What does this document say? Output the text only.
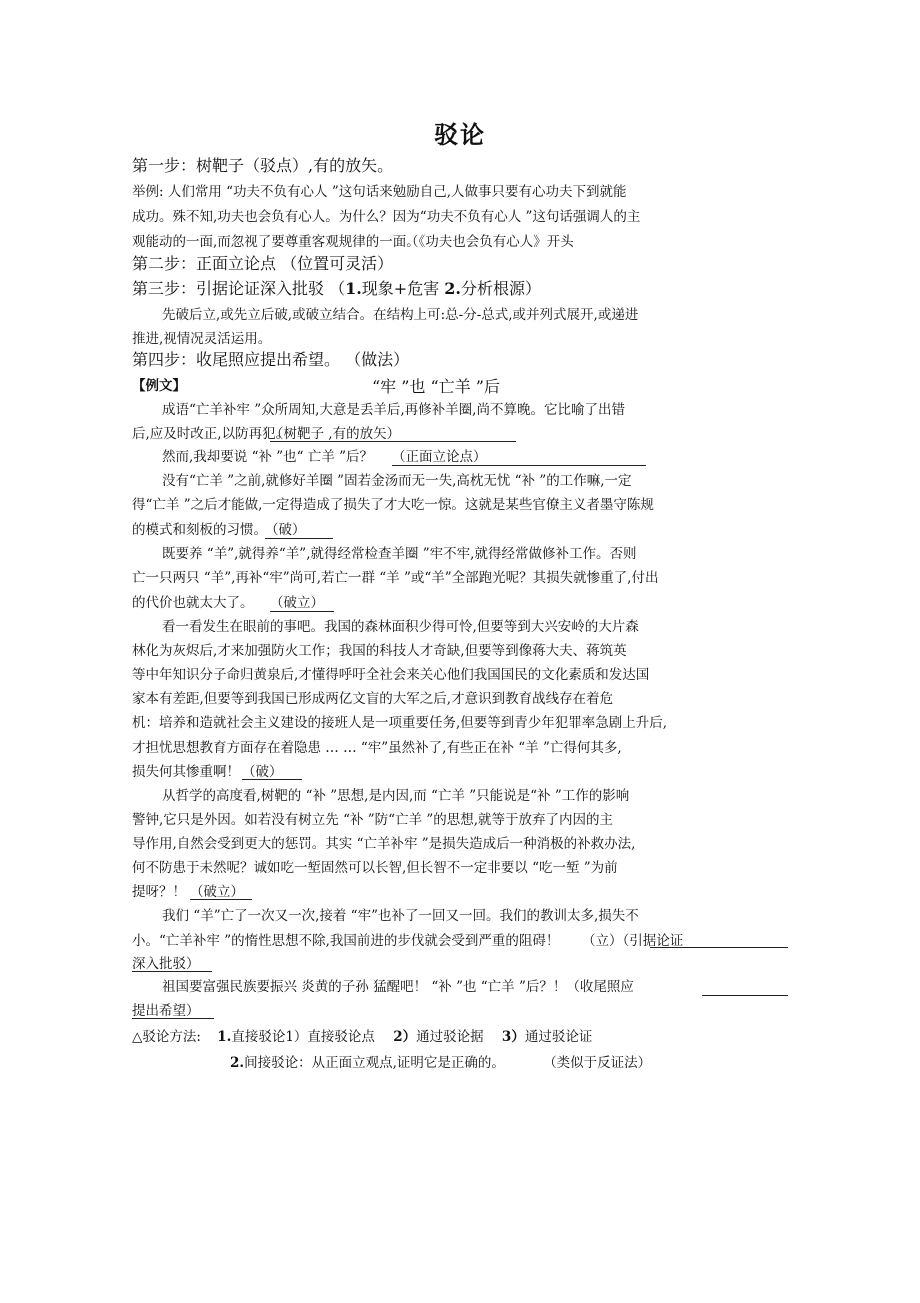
驳论
第一步：树靶子（驳点）,有的放矢。
举例: 人们常用 “功夫不负有心人 ”这句话来勉励自己,人做事只要有心功夫下到就能
成功。殊不知,功夫也会负有心人。为什么？因为“功夫不负有心人 ”这句话强调人的主
观能动的一面,而忽视了要尊重客观规律的一面。
（《功夫也会负有心人》开头
第二步：正面立论点 （位置可灵活）
第三步：引据论证深入批驳 （1.现象+危害 2.分析根源）
先破后立,或先立后破,或破立结合。在结构上可:总-分-总式,或并列式展开,或递进
推进,视情况灵活运用。
第四步：收尾照应提出希望。 （做法）
【例文】	“牢 ”也 “亡羊 ”后
成语“亡羊补牢 ”众所周知,大意是丢羊后,再修补羊圈,尚不算晚。它比喻了出错
后,应及时改正,以防再犯。
（树靶子 ,有的放矢）
然而,我却要说 “补 ”也“ 亡羊 ”后？	（正面立论点）
没有“亡羊 ”之前,就修好羊圈 ”固若金汤而无一失,高枕无忧 “补 ”的工作嘛,一定
得“亡羊 ”之后才能做,一定得造成了损失了才大吃一惊。这就是某些官僚主义者墨守陈规
的模式和刻板的习惯。
（破）
既要养 “羊”,就得养“羊”,就得经常检查羊圈 ”牢不牢,就得经常做修补工作。否则
亡一只两只 “羊”,再补“牢”尚可,若亡一群 “羊 ”或“羊”全部跑光呢？其损失就惨重了,付出
的代价也就太大了。	（破立）
看一看发生在眼前的事吧。我国的森林面积少得可怜,但要等到大兴安岭的大片森
林化为灰烬后,才来加强防火工作；我国的科技人才奇缺,但要等到像蒋大夫、蒋筑英
等中年知识分子命归黄泉后,才懂得呼吁全社会来关心他们我国国民的文化素质和发达国
家本有差距,但要等到我国已形成两亿文盲的大军之后,才意识到教育战线存在着危
机：培养和造就社会主义建设的接班人是一项重要任务,但要等到青少年犯罪率急剧上升后,
才担忧思想教育方面存在着隐患 … … “牢”虽然补了,有些正在补 “羊 ”亡得何其多,
损失何其惨重啊！ （破）
从哲学的高度看,树靶的 “补 ”思想,是内因,而 “亡羊 ”只能说是“补 ”工作的影响
警钟,它只是外因。如若没有树立先 “补 ”防“亡羊 ”的思想,就等于放弃了内因的主
导作用,自然会受到更大的惩罚。其实 “亡羊补牢 ”是损失造成后一种消极的补救办法,
何不防患于未然呢？诚如吃一堑固然可以长智,但长智不一定非要以 “吃一堑 ”为前
提呀？！ （破立）
我们 “羊”亡了一次又一次,接着 “牢”也补了一回又一回。我们的教训太多,损失不
小。“亡羊补牢 ”的惰性思想不除,我国前进的步伐就会受到严重的阻碍！ （立）（引据论证
深入批驳）
祖国要富强民族要振兴 炎黄的子孙 猛醒吧！ “补 ”也 “亡羊 ”后？！（收尾照应
提出希望）
△驳论方法: 1.直接驳论1）直接驳论点 2）通过驳论据 3）通过驳论证
2.间接驳论：从正面立观点,证明它是正确的。	（类似于反证法）
